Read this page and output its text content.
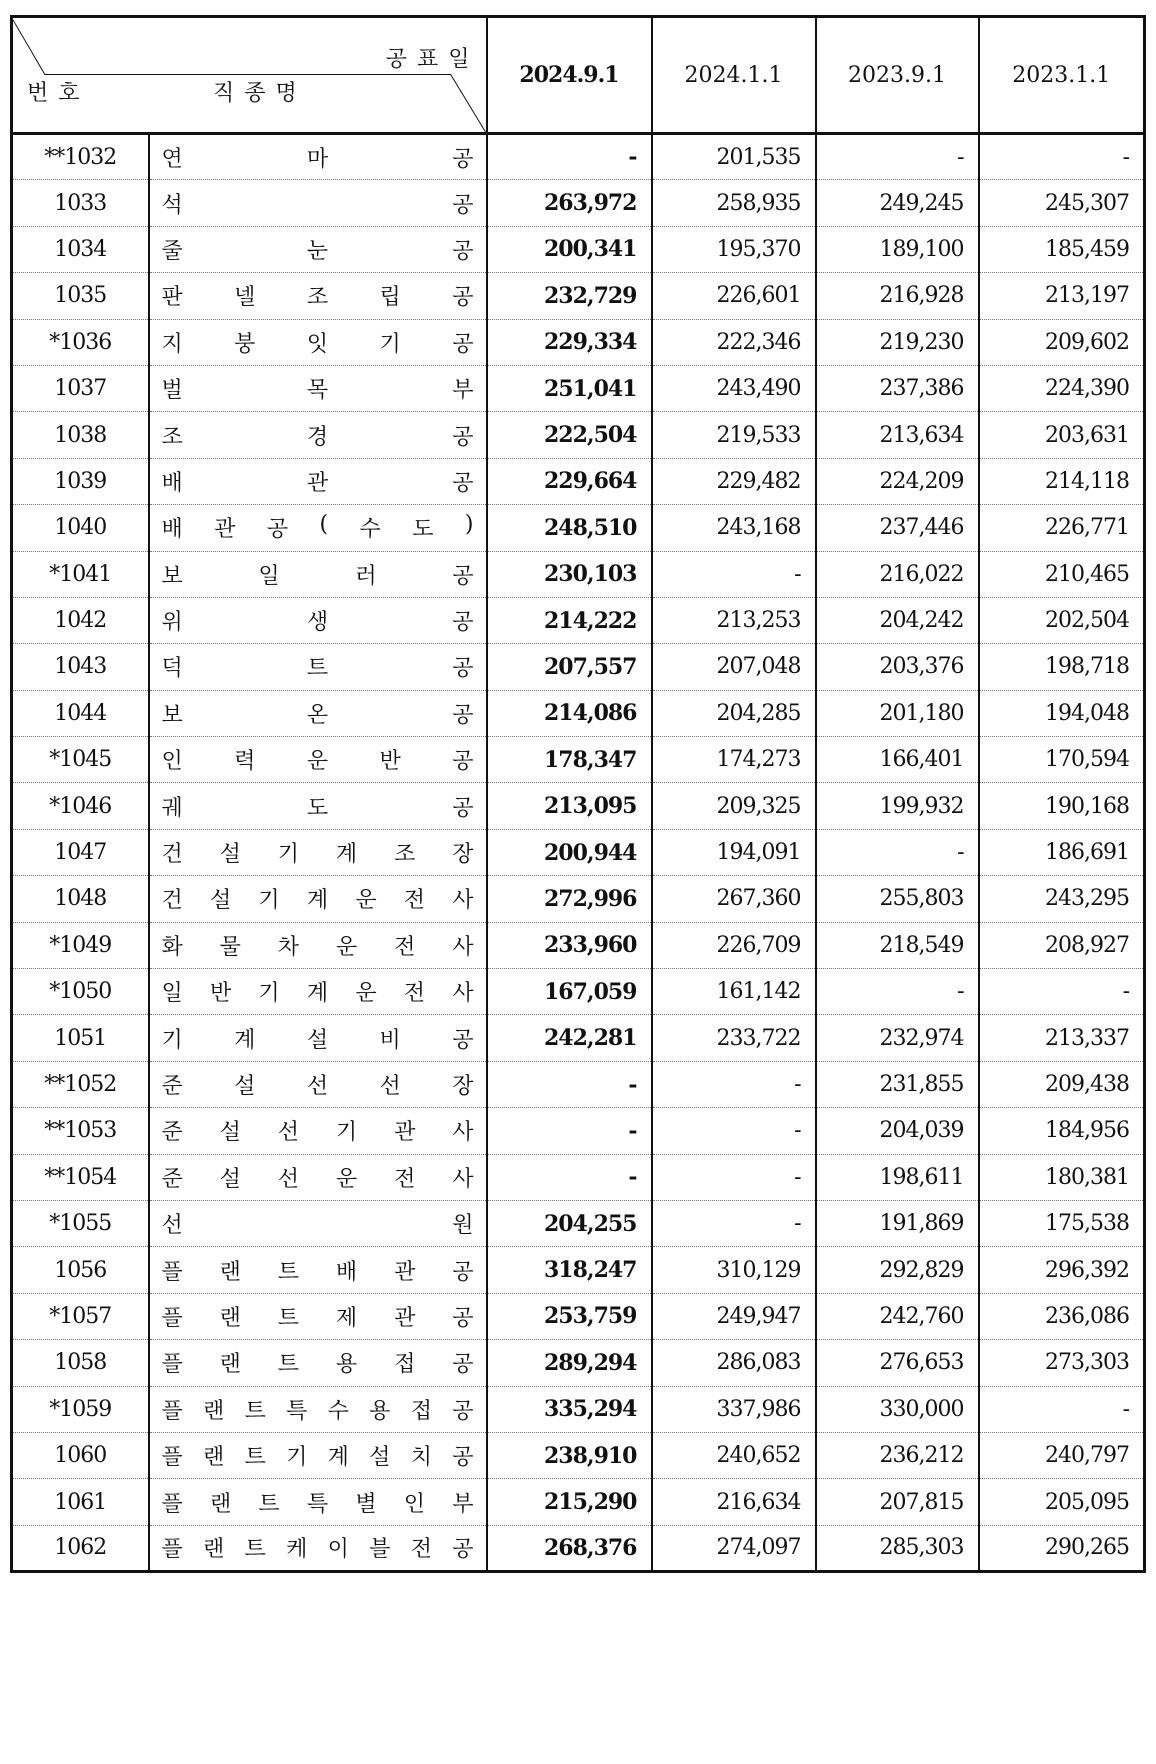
공표일
번호 직종명		2024.9.1	2024.1.1	2023.9.1	2023.1.1
**1032	연 마 공	-	201,535	-	-
1033	석 공	263,972	258,935	249,245	245,307
1034	줄 눈 공	200,341	195,370	189,100	185,459
1035	판 넬 조 립 공	232,729	226,601	216,928	213,197
*1036	지 붕 잇 기 공	229,334	222,346	219,230	209,602
1037	벌 목 부	251,041	243,490	237,386	224,390
1038	조 경 공	222,504	219,533	213,634	203,631
1039	배 관 공	229,664	229,482	224,209	214,118
1040	배 관 공 ( 수 도 )	248,510	243,168	237,446	226,771
*1041	보 일 러 공	230,103	-	216,022	210,465
1042	위 생 공	214,222	213,253	204,242	202,504
1043	덕 트 공	207,557	207,048	203,376	198,718
1044	보 온 공	214,086	204,285	201,180	194,048
*1045	인 력 운 반 공	178,347	174,273	166,401	170,594
*1046	궤 도 공	213,095	209,325	199,932	190,168
1047	건 설 기 계 조 장	200,944	194,091	-	186,691
1048	건 설 기 계 운 전 사	272,996	267,360	255,803	243,295
*1049	화 물 차 운 전 사	233,960	226,709	218,549	208,927
*1050	일 반 기 계 운 전 사	167,059	161,142	-	-
1051	기 계 설 비 공	242,281	233,722	232,974	213,337
**1052	준 설 선 선 장	-	-	231,855	209,438
**1053	준 설 선 기 관 사	-	-	204,039	184,956
**1054	준 설 선 운 전 사	-	-	198,611	180,381
*1055	선 원	204,255	-	191,869	175,538
1056	플 랜 트 배 관 공	318,247	310,129	292,829	296,392
*1057	플 랜 트 제 관 공	253,759	249,947	242,760	236,086
1058	플 랜 트 용 접 공	289,294	286,083	276,653	273,303
*1059	플 랜 트 특 수 용 접 공	335,294	337,986	330,000	-
1060	플 랜 트 기 계 설 치 공	238,910	240,652	236,212	240,797
1061	플 랜 트 특 별 인 부	215,290	216,634	207,815	205,095
1062	플 랜 트 케 이 블 전 공	268,376	274,097	285,303	290,265
